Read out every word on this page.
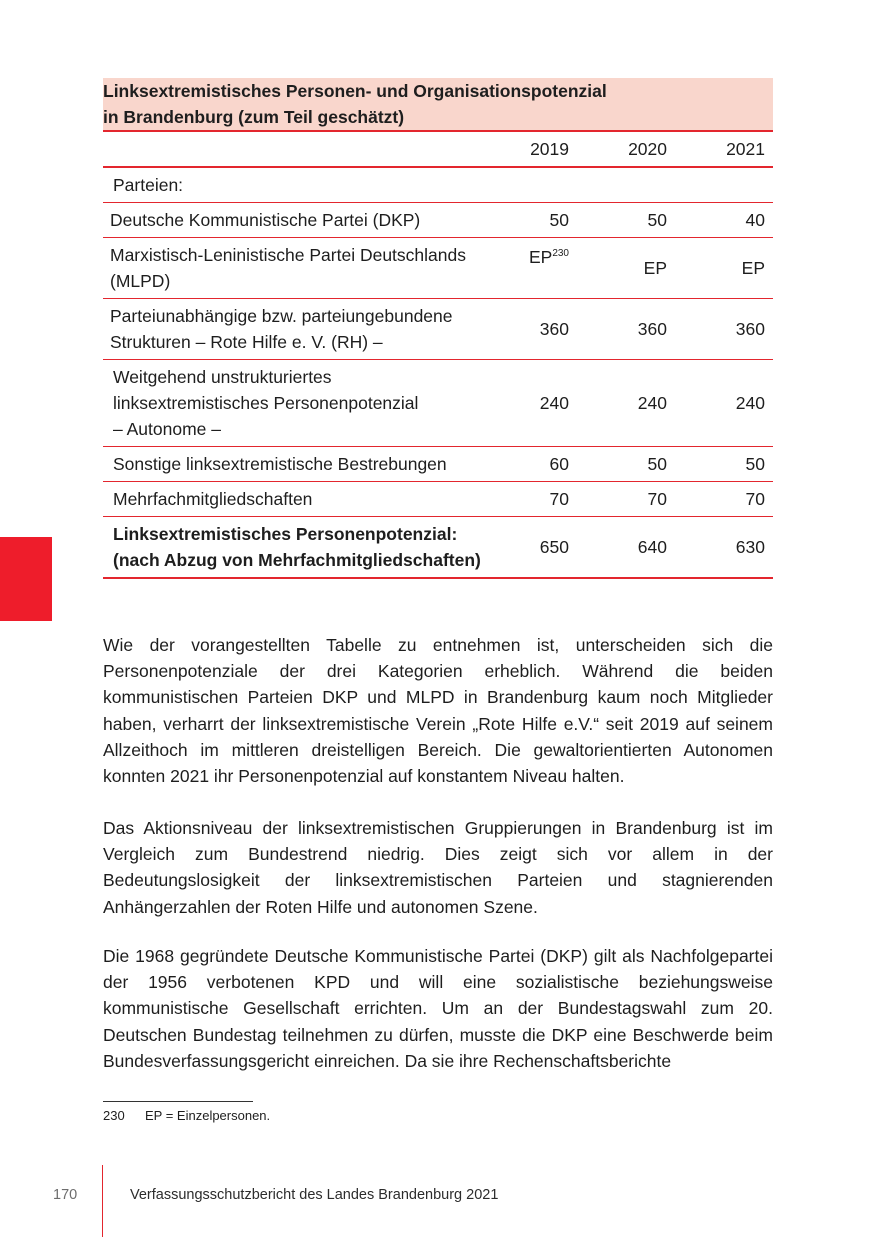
Linksextremistisches Personen- und Organisationspotenzial
in Brandenburg (zum Teil geschätzt)			

	2019	2020	2021
Parteien:			
Deutsche Kommunistische Partei (DKP)	50	50	40

Marxistisch-Leninistische Partei Deutschlands
(MLPD)	EP$^{230}$	EP	EP

Parteiunabhängige bzw. parteiungebundene
Strukturen – Rote Hilfe e. V. (RH) –	360	360	360

Weitgehend unstrukturiertes
linksextremistisches Personenpotenzial
– Autonome –	240	240	240
Sonstige linksextremistische Bestrebungen	60	50	50
Mehrfachmitgliedschaften	70	70	70

Linksextremistisches Personenpotenzial:
(nach Abzug von Mehrfachmitgliedschaften)	650	640	630

Wie der vorangestellten Tabelle zu entnehmen ist, unterscheiden sich die Personenpotenziale der drei Kategorien erheblich. Während die beiden kommunistischen Parteien DKP und MLPD in Brandenburg kaum noch Mitglieder haben, verharrt der linksextremistische Verein „Rote Hilfe e.V.“ seit 2019 auf seinem Allzeithoch im mittleren dreistelligen Bereich. Die gewaltorientierten Autonomen konnten 2021 ihr Personenpotenzial auf konstantem Niveau halten.

Das Aktionsniveau der linksextremistischen Gruppierungen in Brandenburg ist im Vergleich zum Bundestrend niedrig. Dies zeigt sich vor allem in der Bedeutungslosigkeit der linksextremistischen Parteien und stagnierenden Anhängerzahlen der Roten Hilfe und autonomen Szene.

Die 1968 gegründete Deutsche Kommunistische Partei (DKP) gilt als Nachfolgepartei der 1956 verbotenen KPD und will eine sozialistische beziehungsweise kommunistische Gesellschaft errichten. Um an der Bundestagswahl zum 20. Deutschen Bundestag teilnehmen zu dürfen, musste die DKP eine Beschwerde beim Bundesverfassungsgericht einreichen. Da sie ihre Rechenschaftsberichte

230 EP = Einzelpersonen.
170	Verfassungsschutzbericht des Landes Brandenburg 2021
